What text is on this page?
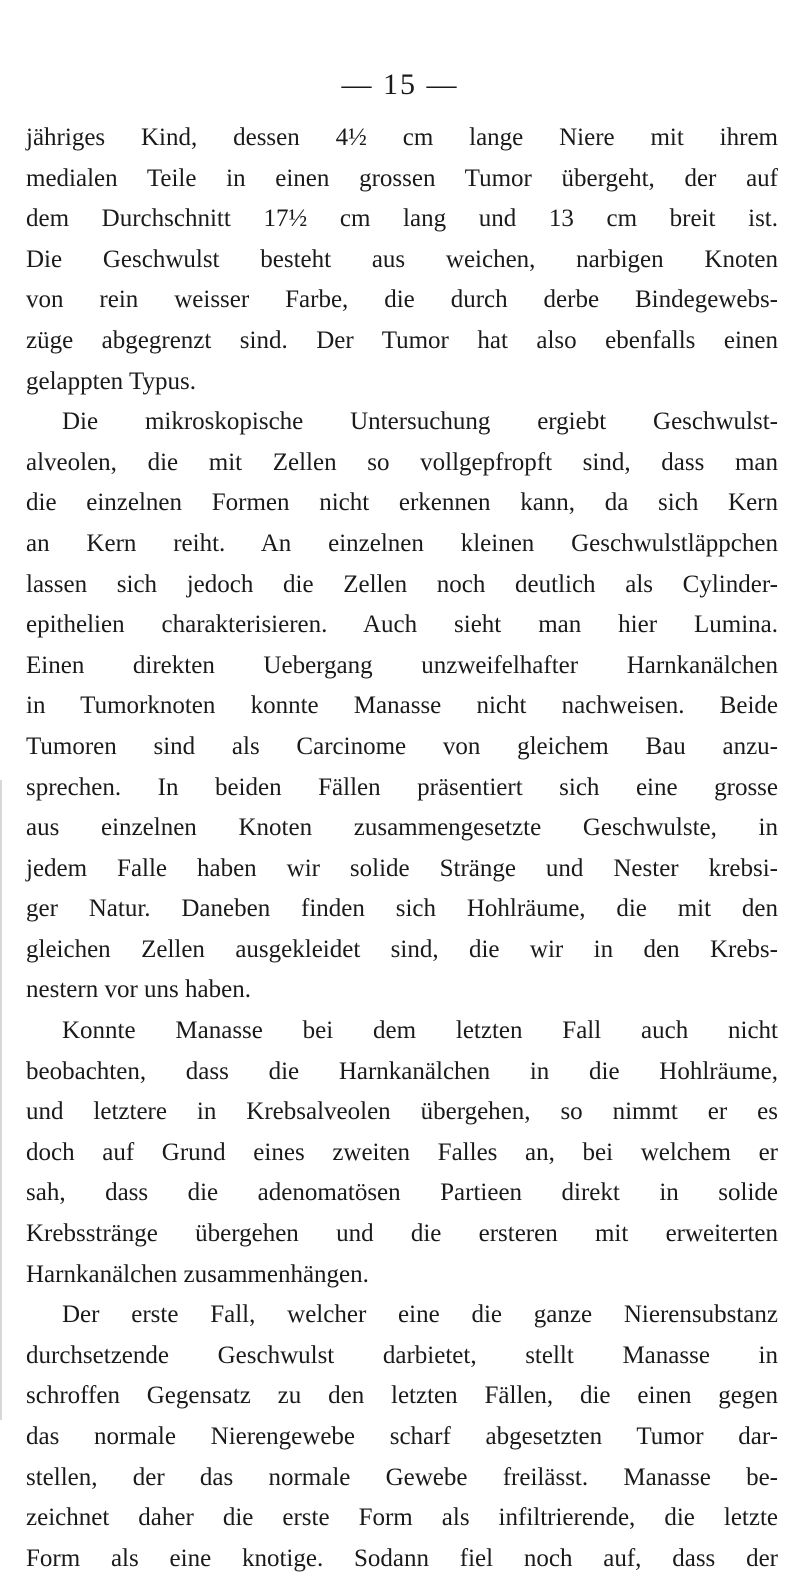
— 15 —
jähriges Kind, dessen 4½ cm lange Niere mit ihrem
medialen Teile in einen grossen Tumor übergeht, der auf
dem Durchschnitt 17½ cm lang und 13 cm breit ist.
Die Geschwulst besteht aus weichen, narbigen Knoten
von rein weisser Farbe, die durch derbe Bindegewebs-
züge abgegrenzt sind. Der Tumor hat also ebenfalls einen
gelappten Typus.
Die mikroskopische Untersuchung ergiebt Geschwulst-
alveolen, die mit Zellen so vollgepfropft sind, dass man
die einzelnen Formen nicht erkennen kann, da sich Kern
an Kern reiht. An einzelnen kleinen Geschwulstläppchen
lassen sich jedoch die Zellen noch deutlich als Cylinder-
epithelien charakterisieren. Auch sieht man hier Lumina.
Einen direkten Uebergang unzweifelhafter Harnkanälchen
in Tumorknoten konnte Manasse nicht nachweisen. Beide
Tumoren sind als Carcinome von gleichem Bau anzu-
sprechen. In beiden Fällen präsentiert sich eine grosse
aus einzelnen Knoten zusammengesetzte Geschwulste, in
jedem Falle haben wir solide Stränge und Nester krebsi-
ger Natur. Daneben finden sich Hohlräume, die mit den
gleichen Zellen ausgekleidet sind, die wir in den Krebs-
nestern vor uns haben.
Konnte Manasse bei dem letzten Fall auch nicht
beobachten, dass die Harnkanälchen in die Hohlräume,
und letztere in Krebsalveolen übergehen, so nimmt er es
doch auf Grund eines zweiten Falles an, bei welchem er
sah, dass die adenomatösen Partieen direkt in solide
Krebsstränge übergehen und die ersteren mit erweiterten
Harnkanälchen zusammenhängen.
Der erste Fall, welcher eine die ganze Nierensubstanz
durchsetzende Geschwulst darbietet, stellt Manasse in
schroffen Gegensatz zu den letzten Fällen, die einen gegen
das normale Nierengewebe scharf abgesetzten Tumor dar-
stellen, der das normale Gewebe freilässt. Manasse be-
zeichnet daher die erste Form als infiltrierende, die letzte
Form als eine knotige. Sodann fiel noch auf, dass der
